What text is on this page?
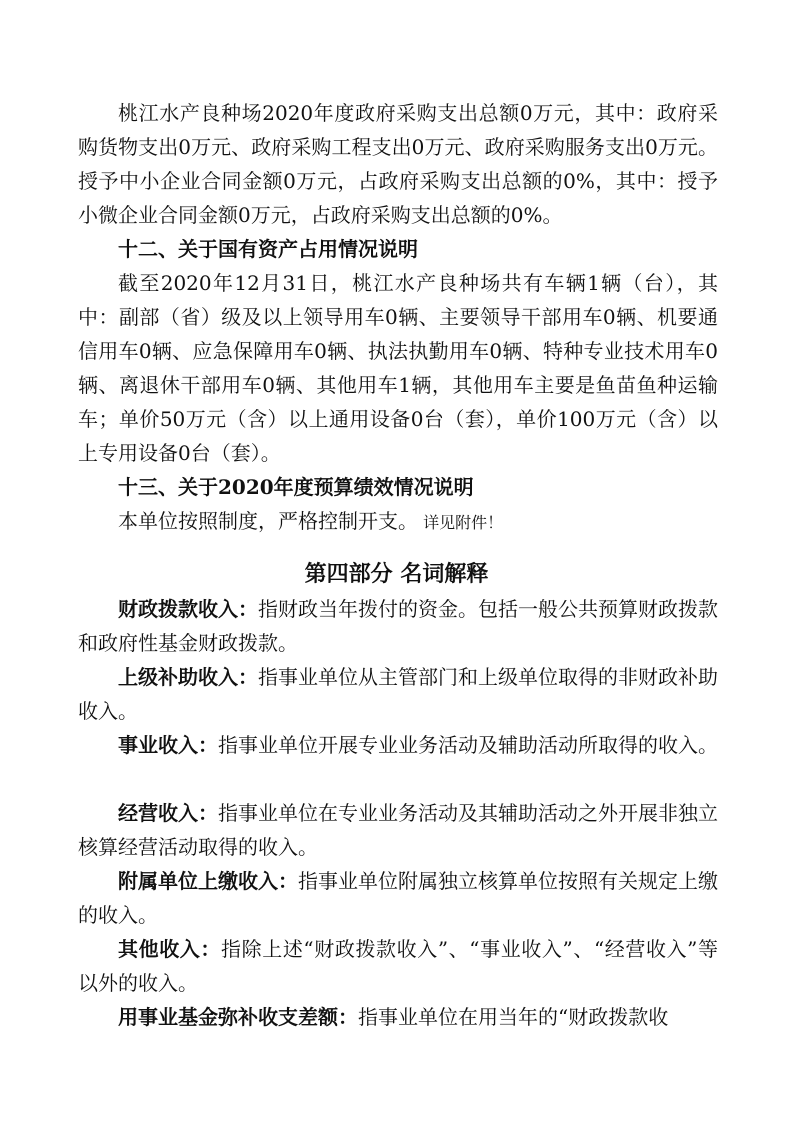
桃江水产良种场2020年度政府采购支出总额0万元，其中：政府采购货物支出0万元、政府采购工程支出0万元、政府采购服务支出0万元。授予中小企业合同金额0万元，占政府采购支出总额的0%，其中：授予小微企业合同金额0万元，占政府采购支出总额的0%。

十二、关于国有资产占用情况说明

截至2020年12月31日，桃江水产良种场共有车辆1辆（台），其中：副部（省）级及以上领导用车0辆、主要领导干部用车0辆、机要通信用车0辆、应急保障用车0辆、执法执勤用车0辆、特种专业技术用车0辆、离退休干部用车0辆、其他用车1辆，其他用车主要是鱼苗鱼种运输车；单价50万元（含）以上通用设备0台（套），单价100万元（含）以上专用设备0台（套）。

十三、关于2020年度预算绩效情况说明

本单位按照制度，严格控制开支。 详见附件！

第四部分 名词解释

财政拨款收入：指财政当年拨付的资金。包括一般公共预算财政拨款和政府性基金财政拨款。

上级补助收入：指事业单位从主管部门和上级单位取得的非财政补助收入。

事业收入：指事业单位开展专业业务活动及辅助活动所取得的收入。

经营收入：指事业单位在专业业务活动及其辅助活动之外开展非独立核算经营活动取得的收入。

附属单位上缴收入：指事业单位附属独立核算单位按照有关规定上缴的收入。

其他收入：指除上述“财政拨款收入”、“事业收入”、“经营收入”等以外的收入。

用事业基金弥补收支差额：指事业单位在用当年的“财政拨款收
